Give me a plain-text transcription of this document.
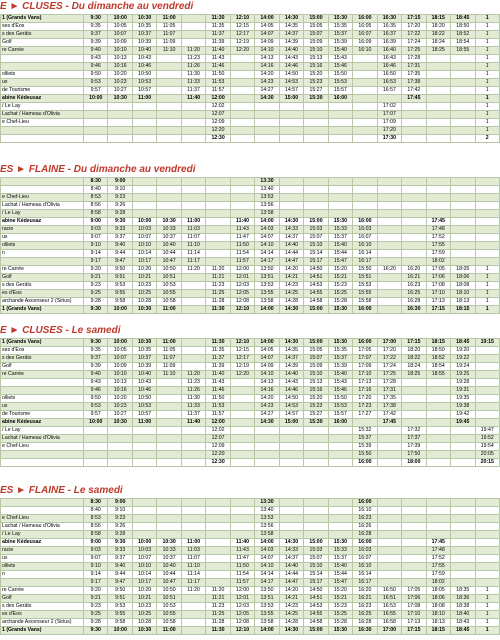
E ► CLUSES - Du dimanche au vendredi
1 (Grands Vans)	9:30	10:00	10:30	11:00		11:30	12:10	14:00	14:30	15:00	15:30	16:00	16:30	17:15	18:15	18:45	1
ses d'Eos	9:35	10:05	10:35	11:05		11:35	12:15	14:05	14:35	15:05	15:35	16:05	16:35	17:20	18:20	18:50	1
s des Gerāts	9:37	10:07	10:37	11:07		11:37	12:17	14:07	14:37	15:07	15:37	16:07	16:37	17:22	18:22	18:52	1
Golf	9:39	10:09	10:39	11:09		11:39	12:19	14:09	14:39	15:09	15:39	16:09	16:39	17:24	18:24	18:54	1
re Carrée	9:40	10:10	10:40	11:10	11:20	11:40	12:20	14:10	14:40	15:10	15:40	16:10	16:40	17:25	18:25	18:55	1
	9:43	10:13	10:43		11:23	11:43		14:13	14:43	15:13	15:43		16:43	17:28			1
	9:46	10:16	10:46		11:26	11:46		14:16	14:46	15:16	15:46		16:46	17:31			1
olliets	9:50	10:20	10:50		11:30	11:50		14:20	14:50	15:20	15:50		16:50	17:35			1
ux	9:53	10:23	10:53		11:33	11:53		14:23	14:53	15:23	15:53		16:53	17:38			1
de Tourisme	9:57	10:27	10:57		11:37	11:57		14:27	14:57	15:27	15:57		16:57	17:42			1
abine Kédeusaz	10:00	10:30	11:00		11:40	12:00		14:30	15:00	15:30	16:00			17:45			1
/ Le Lay						12:02							17:02				1
Lachat / Hameau d'Olivia						12:07							17:07				1
e Chef-Lieu						12:09							17:09				1
						12:20							17:20				1
						12:30							17:30				2
ES ► FLAINE - Du dimanche au vendredi
	8:30	9:00						13:30									
	8:40	9:10						13:40									
e Chef-Lieu	8:53	9:23						13:53									
Lachat / Hameau d'Olivia	8:56	9:26						13:56									
/ Le Lay	8:58	9:28						13:58									
abine Kédeusaz	9:00	9:30	10:00	10:30	11:00		11:40	14:00	14:30	15:00	15:30	16:00			17:45		
racie	9:03	9:33	10:03	10:33	11:03		11:43	14:03	14:33	15:03	15:33	16:03			17:48		
ux	9:07	9:37	10:07	10:37	11:07		11:47	14:07	14:37	15:07	15:37	16:07			17:52		
olliets	9:10	9:40	10:10	10:40	11:10		11:50	14:10	14:40	15:10	15:40	16:10			17:55		
n	9:14	9:44	10:14	10:44	11:14		11:54	14:14	14:44	15:14	15:44	16:14			17:59		
	9:17	9:47	10:17	10:47	11:17		11:57	14:17	14:47	15:17	15:47	16:17			18:02		
re Carrée	9:20	9:50	10:20	10:50	11:20	11:20	12:00	13:50	14:20	14:50	15:20	15:50	16:20	16:20	17:05	18:05	1
Golf	9:21	9:51	10:21	10:51		11:21	12:01	13:51	14:21	14:51	15:21	15:51		16:21	17:06	18:06	1
s des Gerāts	9:23	9:53	10:23	10:53		11:23	12:03	13:53	14:23	14:53	15:23	15:53		16:23	17:08	18:08	1
es d'Eos	9:25	9:55	10:25	10:55		11:25	12:05	13:55	14:25	14:55	15:25	15:55		16:25	17:10	18:10	1
archande Ascenseur 2 (Sirius)	9:28	9:58	10:28	10:58		11:28	12:08	13:58	14:28	14:58	15:28	15:58		16:28	17:13	18:13	1
1 (Grands Vans)	9:30	10:00	10:30	11:00		11:30	12:10	14:00	14:30	15:00	15:30	16:00		16:30	17:15	18:15	1
E ► CLUSES - Le samedi
1 (Grands Vans)	9:30	10:00	10:30	11:00		11:30	12:10	14:00	14:30	15:00	15:30	16:00	17:00	17:15	18:15	18:45	19:15
ses d'Eos	9:35	10:05	10:35	11:05		11:35	12:15	14:05	14:35	15:05	15:35	17:05	17:20	18:20	18:50	19:20	
s des Gerāts	9:37	10:07	10:37	11:07		11:37	12:17	14:07	14:37	15:07	15:37	17:07	17:22	18:22	18:52	19:22	
Golf	9:39	10:09	10:39	11:09		11:39	12:19	14:09	14:39	15:09	15:39	17:09	17:24	18:24	18:54	19:24	
re Carrée	9:40	10:10	10:40	11:10	11:20	11:40	12:20	14:10	14:40	15:10	15:40	17:10	17:25	18:25	18:55	19:25	
	9:43	10:13	10:43		11:23	11:43		14:13	14:43	15:13	15:43	17:13	17:28			19:28	
	9:46	10:16	10:46		11:26	11:46		14:16	14:46	15:16	15:46	17:16	17:31			19:31	
olliets	9:50	10:20	10:50		11:30	11:50		14:20	14:50	15:20	15:50	17:20	17:35			19:35	
ux	9:53	10:23	10:53		11:33	11:53		14:23	14:53	15:23	15:53	17:23	17:38			19:38	
de Tourisme	9:57	10:27	10:57		11:37	11:57		14:27	14:57	15:27	15:57	17:27	17:42			19:42	
abine Kédeusaz	10:00	10:30	11:00		11:40	12:00		14:30	15:00	15:30	16:00		17:45			19:45	
/ Le Lay						12:02						15:32		17:32			19:47
Lachat / Hameau d'Olivia						12:07						15:37		17:37			19:52
e Chef-Lieu						12:09						15:39		17:39			19:54
						12:20						15:50		17:50			20:05
						12:30						16:00		18:00			20:15
ES ► FLAINE - Le samedi
	8:30	9:00						13:30				16:00					
	8:40	9:10						13:40				16:10					
e Chef-Lieu	8:53	9:23						13:53				16:23					
Lachat / Hameau d'Olivia	8:56	9:26						13:56				16:26					
/ Le Lay	8:58	9:28						13:58				16:28					
abine Kédeusaz	9:00	9:30	10:00	10:30	11:00		11:40	14:00	14:30	15:00	15:30	16:00			17:45		
racie	9:03	9:33	10:03	10:33	11:03		11:43	14:03	14:33	15:03	15:33	16:03			17:48		
ux	9:07	9:37	10:07	10:37	11:07		11:47	14:07	14:37	15:07	15:37	16:07			17:52		
olliets	9:10	9:40	10:10	10:40	11:10		11:50	14:10	14:40	15:10	15:40	16:10			17:55		
n	9:14	9:44	10:14	10:44	11:14		11:54	14:14	14:44	15:14	15:44	16:14			17:59		
	9:17	9:47	10:17	10:47	11:17		11:57	14:17	14:47	15:17	15:47	16:17			18:02		
re Carrée	9:20	9:50	10:20	10:50	11:20	11:20	12:00	13:50	14:20	14:50	15:20	16:20	16:50	17:05	18:05	18:35	1
Golf	9:21	9:51	10:21	10:51		11:21	12:01	13:51	14:21	14:51	15:21	16:21	16:51	17:06	18:06	18:36	1
s des Gerāts	9:23	9:53	10:23	10:53		11:23	12:03	13:53	14:23	14:53	15:23	16:23	16:53	17:08	18:08	18:38	1
es d'Eos	9:25	9:55	10:25	10:55		11:25	12:05	13:55	14:25	14:55	15:25	16:25	16:55	17:10	18:10	18:40	1
archande Ascenseur 2 (Sirius)	9:28	9:58	10:28	10:58		11:28	12:08	13:58	14:28	14:58	15:28	16:28	16:58	17:13	18:13	18:43	1
1 (Grands Vans)	9:30	10:00	10:30	11:00		11:30	12:10	14:00	14:30	15:00	15:30	16:30	17:00	17:15	18:15	18:45	1
